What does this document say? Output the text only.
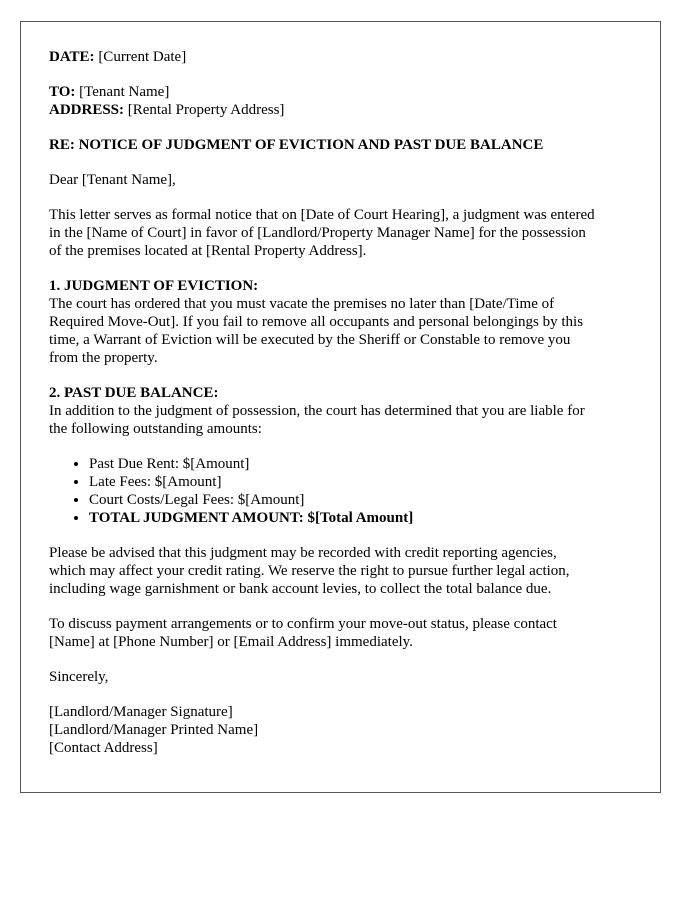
DATE: [Current Date]

TO: [Tenant Name]
ADDRESS: [Rental Property Address]

RE: NOTICE OF JUDGMENT OF EVICTION AND PAST DUE BALANCE

Dear [Tenant Name],

This letter serves as formal notice that on [Date of Court Hearing], a judgment was entered
in the [Name of Court] in favor of [Landlord/Property Manager Name] for the possession
of the premises located at [Rental Property Address].

1. JUDGMENT OF EVICTION:
The court has ordered that you must vacate the premises no later than [Date/Time of
Required Move-Out]. If you fail to remove all occupants and personal belongings by this
time, a Warrant of Eviction will be executed by the Sheriff or Constable to remove you
from the property.

2. PAST DUE BALANCE:
In addition to the judgment of possession, the court has determined that you are liable for
the following outstanding amounts:

• Past Due Rent: $[Amount]
• Late Fees: $[Amount]
• Court Costs/Legal Fees: $[Amount]
• TOTAL JUDGMENT AMOUNT: $[Total Amount]

Please be advised that this judgment may be recorded with credit reporting agencies,
which may affect your credit rating. We reserve the right to pursue further legal action,
including wage garnishment or bank account levies, to collect the total balance due.

To discuss payment arrangements or to confirm your move-out status, please contact
[Name] at [Phone Number] or [Email Address] immediately.

Sincerely,

[Landlord/Manager Signature]
[Landlord/Manager Printed Name]
[Contact Address]
